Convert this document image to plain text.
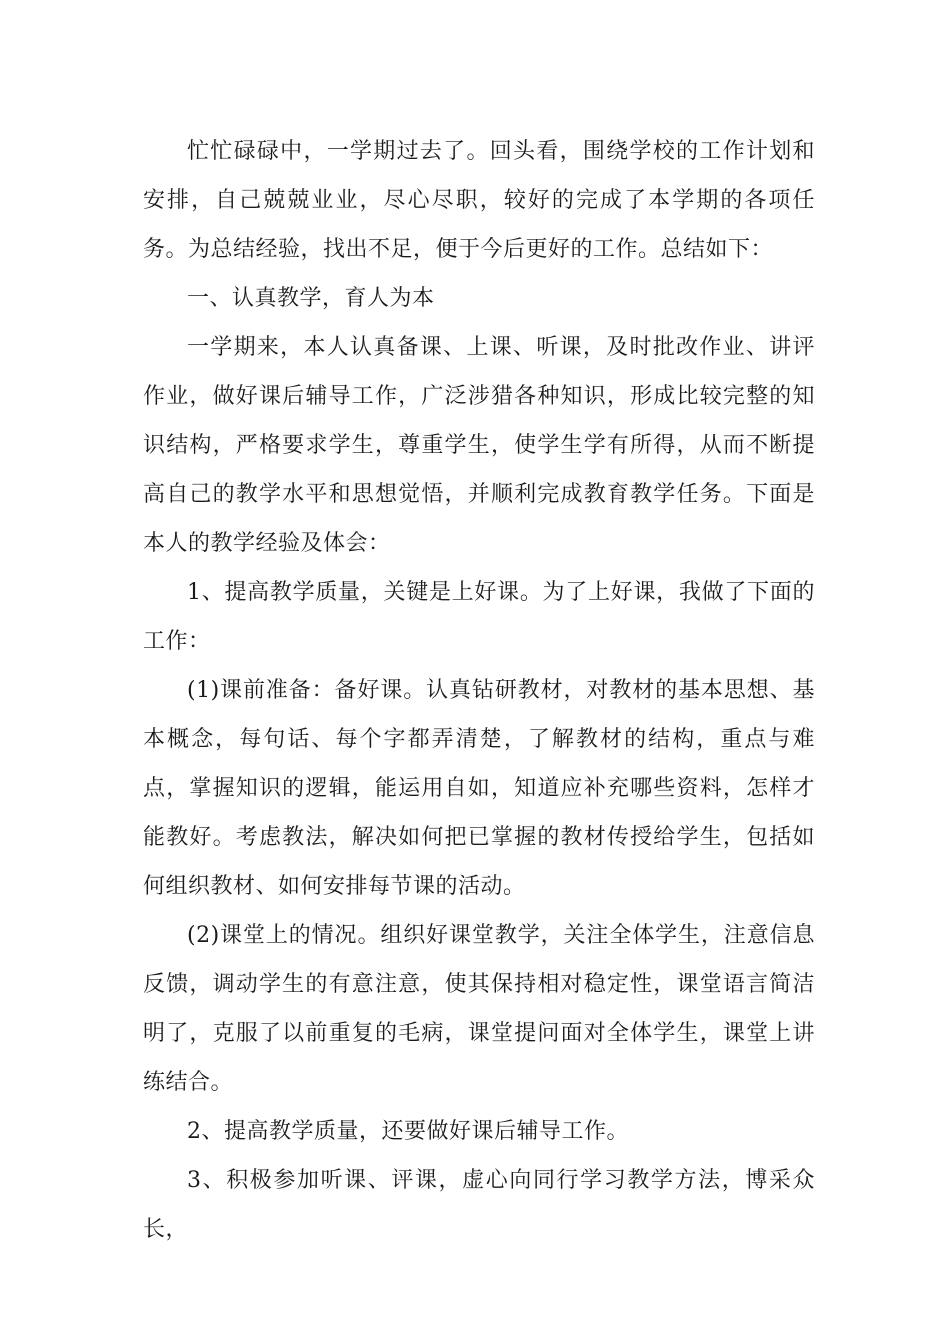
忙忙碌碌中，一学期过去了。回头看，围绕学校的工作计划和安排，自己兢兢业业，尽心尽职，较好的完成了本学期的各项任务。为总结经验，找出不足，便于今后更好的工作。总结如下：

一、认真教学，育人为本

一学期来，本人认真备课、上课、听课，及时批改作业、讲评作业，做好课后辅导工作，广泛涉猎各种知识，形成比较完整的知识结构，严格要求学生，尊重学生，使学生学有所得，从而不断提高自己的教学水平和思想觉悟，并顺利完成教育教学任务。下面是本人的教学经验及体会：

1、提高教学质量，关键是上好课。为了上好课，我做了下面的工作：

(1)课前准备：备好课。认真钻研教材，对教材的基本思想、基本概念，每句话、每个字都弄清楚，了解教材的结构，重点与难点，掌握知识的逻辑，能运用自如，知道应补充哪些资料，怎样才能教好。考虑教法，解决如何把已掌握的教材传授给学生，包括如何组织教材、如何安排每节课的活动。

(2)课堂上的情况。组织好课堂教学，关注全体学生，注意信息反馈，调动学生的有意注意，使其保持相对稳定性，课堂语言简洁明了，克服了以前重复的毛病，课堂提问面对全体学生，课堂上讲练结合。

2、提高教学质量，还要做好课后辅导工作。

3、积极参加听课、评课，虚心向同行学习教学方法，博采众长，
